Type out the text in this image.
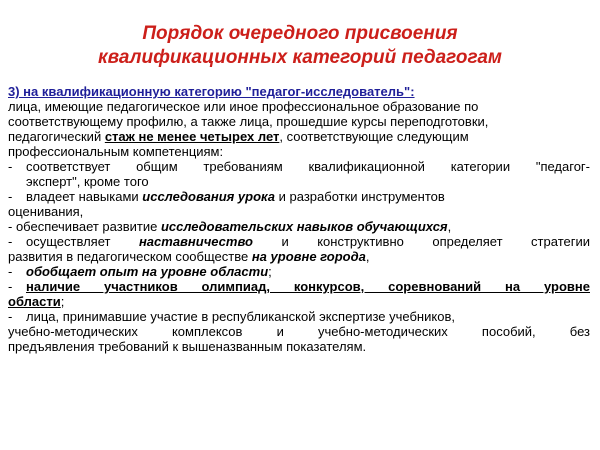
Порядок очередного присвоения
квалификационных категорий педагогам

3) на квалификационную категорию "педагог-исследователь":

лица, имеющие педагогическое или иное профессиональное образование по

соответствующему профилю, а также лица, прошедшие курсы переподготовки,

педагогический стаж не менее четырех лет, соответствующие следующим

профессиональным компетенциям:

- соответствует общим требованиям квалификационной категории "педагог-

эксперт", кроме того

- владеет навыками исследования урока и разработки инструментов

оценивания,

- обеспечивает развитие исследовательских навыков обучающихся,

- осуществляет наставничество и конструктивно определяет стратегии

развития в педагогическом сообществе на уровне города,

- обобщает опыт на уровне области;

- наличие участников олимпиад, конкурсов, соревнований на уровне

области;

- лица, принимавшие участие в республиканской экспертизе учебников,

учебно-методических комплексов и учебно-методических пособий, без

предъявления требований к вышеназванным показателям.
